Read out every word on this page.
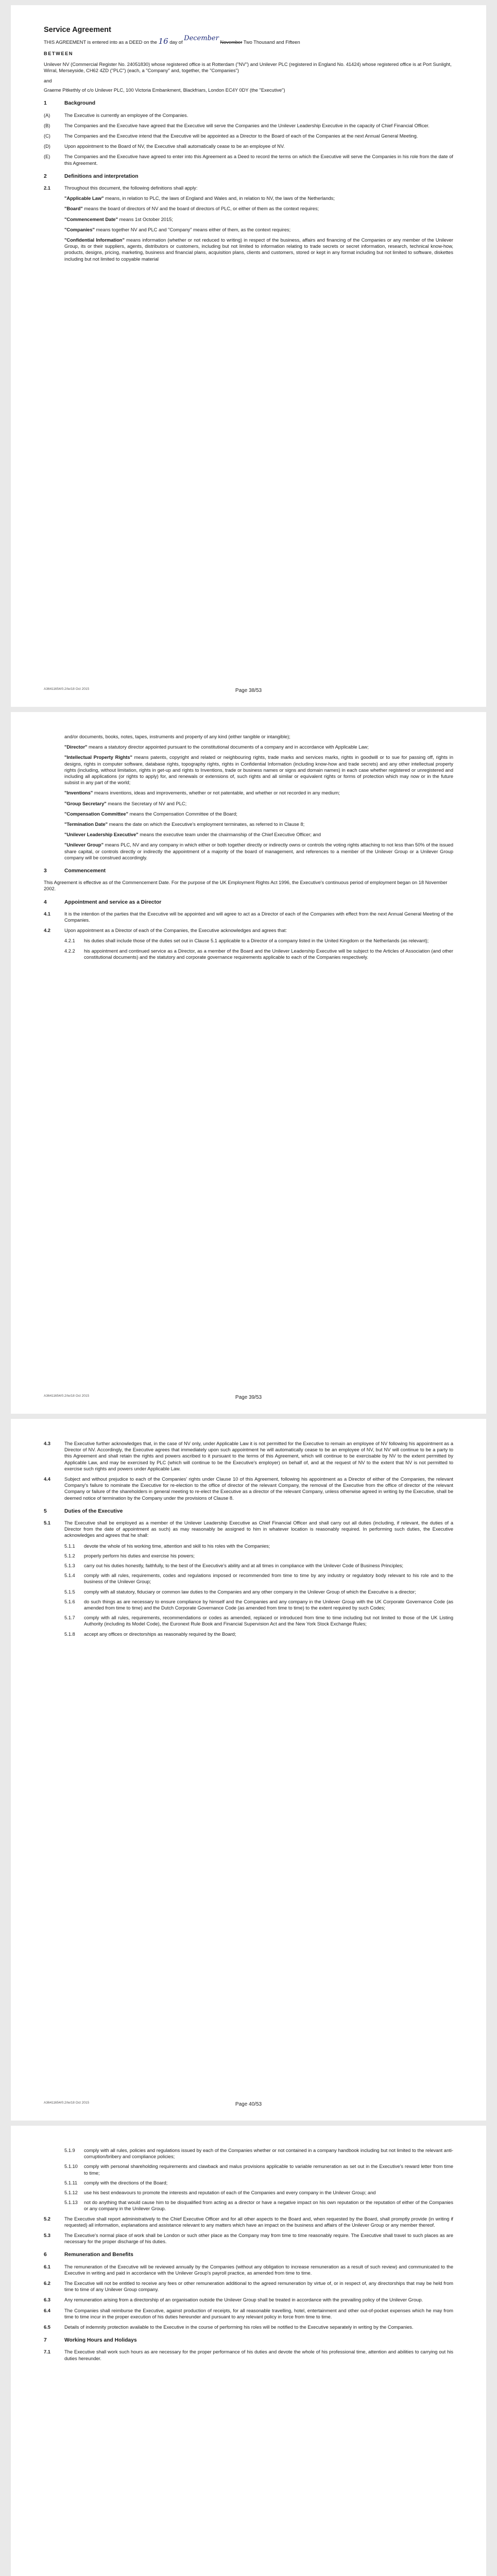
Service Agreement

THIS AGREEMENT is entered into as a DEED on the 16 day of December November Two Thousand and Fifteen

BETWEEN

Unilever NV (Commercial Register No. 24051830) whose registered office is at Rotterdam ("NV") and Unilever PLC (registered in England No. 41424) whose registered office is at Port Sunlight, Wirral, Merseyside, CH62 4ZD ("PLC") (each, a "Company" and, together, the "Companies")

and

Graeme Pitkethly of c/o Unilever PLC, 100 Victoria Embankment, Blackfriars, London EC4Y 0DY (the "Executive")

1	Background
(A)	The Executive is currently an employee of the Companies.
(B)	The Companies and the Executive have agreed that the Executive will serve the Companies and the Unilever Leadership Executive in the capacity of Chief Financial Officer.
(C)	The Companies and the Executive intend that the Executive will be appointed as a Director to the Board of each of the Companies at the next Annual General Meeting.
(D)	Upon appointment to the Board of NV, the Executive shall automatically cease to be an employee of NV.
(E)	The Companies and the Executive have agreed to enter into this Agreement as a Deed to record the terms on which the Executive will serve the Companies in his role from the date of this Agreement.
2	Definitions and interpretation
2.1	Throughout this document, the following definitions shall apply:

"Applicable Law" means, in relation to PLC, the laws of England and Wales and, in relation to NV, the laws of the Netherlands;

"Board" means the board of directors of NV and the board of directors of PLC, or either of them as the context requires;

"Commencement Date" means 1st October 2015;

"Companies" means together NV and PLC and "Company" means either of them, as the context requires;

"Confidential Information" means information (whether or not reduced to writing) in respect of the business, affairs and financing of the Companies or any member of the Unilever Group, its or their suppliers, agents, distributors or customers, including but not limited to information relating to trade secrets or secret information, research, technical know-how, products, designs, pricing, marketing, business and financial plans, acquisition plans, clients and customers, stored or kept in any format including but not limited to software, diskettes including but not limited to copyable material

A36411654/0.2/Ie/18 Oct 2015	Page 38/53

and/or documents, books, notes, tapes, instruments and property of any kind (either tangible or intangible);

"Director" means a statutory director appointed pursuant to the constitutional documents of a company and in accordance with Applicable Law;

"Intellectual Property Rights" means patents, copyright and related or neighbouring rights, trade marks and services marks, rights in goodwill or to sue for passing off, rights in designs, rights in computer software, database rights, topography rights, rights in Confidential Information (including know-how and trade secrets) and any other intellectual property rights (including, without limitation, rights in get-up and rights to Inventions, trade or business names or signs and domain names) in each case whether registered or unregistered and including all applications (or rights to apply) for, and renewals or extensions of, such rights and all similar or equivalent rights or forms of protection which may now or in the future subsist in any part of the world;

"Inventions" means inventions, ideas and improvements, whether or not patentable, and whether or not recorded in any medium;

"Group Secretary" means the Secretary of NV and PLC;

"Compensation Committee" means the Compensation Committee of the Board;

"Termination Date" means the date on which the Executive's employment terminates, as referred to in Clause 8;

"Unilever Leadership Executive" means the executive team under the chairmanship of the Chief Executive Officer; and

"Unilever Group" means PLC, NV and any company in which either or both together directly or indirectly owns or controls the voting rights attaching to not less than 50% of the issued share capital, or controls directly or indirectly the appointment of a majority of the board of management, and references to a member of the Unilever Group or a Unilever Group company will be construed accordingly.

3	Commencement

This Agreement is effective as of the Commencement Date. For the purpose of the UK Employment Rights Act 1996, the Executive's continuous period of employment began on 18 November 2002.

4	Appointment and service as a Director
4.1	It is the intention of the parties that the Executive will be appointed and will agree to act as a Director of each of the Companies with effect from the next Annual General Meeting of the Companies.
4.2	Upon appointment as a Director of each of the Companies, the Executive acknowledges and agrees that:
4.2.1	his duties shall include those of the duties set out in Clause 5.1 applicable to a Director of a company listed in the United Kingdom or the Netherlands (as relevant);
4.2.2	his appointment and continued service as a Director, as a member of the Board and the Unilever Leadership Executive will be subject to the Articles of Association (and other constitutional documents) and the statutory and corporate governance requirements applicable to each of the Companies respectively.
A36411654/0.2/Ie/18 Oct 2015	Page 39/53
4.3	The Executive further acknowledges that, in the case of NV only, under Applicable Law it is not permitted for the Executive to remain an employee of NV following his appointment as a Director of NV. Accordingly, the Executive agrees that immediately upon such appointment he will automatically cease to be an employee of NV, but NV will continue to be a party to this Agreement and shall retain the rights and powers ascribed to it pursuant to the terms of this Agreement, which will continue to be exercisable by NV to the extent permitted by Applicable Law, and may be exercised by PLC (which will continue to be the Executive's employer) on behalf of, and at the request of NV to the extent that NV is not permitted to exercise such rights and powers under Applicable Law.
4.4	Subject and without prejudice to each of the Companies' rights under Clause 10 of this Agreement, following his appointment as a Director of either of the Companies, the relevant Company's failure to nominate the Executive for re-election to the office of director of the relevant Company, the removal of the Executive from the office of director of the relevant Company or failure of the shareholders in general meeting to re-elect the Executive as a director of the relevant Company, unless otherwise agreed in writing by the Executive, shall be deemed notice of termination by the Company under the provisions of Clause 8.
5	Duties of the Executive
5.1	The Executive shall be employed as a member of the Unilever Leadership Executive as Chief Financial Officer and shall carry out all duties (including, if relevant, the duties of a Director from the date of appointment as such) as may reasonably be assigned to him in whatever location is reasonably required. In performing such duties, the Executive acknowledges and agrees that he shall:
5.1.1	devote the whole of his working time, attention and skill to his roles with the Companies;
5.1.2	properly perform his duties and exercise his powers;
5.1.3	carry out his duties honestly, faithfully, to the best of the Executive's ability and at all times in compliance with the Unilever Code of Business Principles;
5.1.4	comply with all rules, requirements, codes and regulations imposed or recommended from time to time by any industry or regulatory body relevant to his role and to the business of the Unilever Group;
5.1.5	comply with all statutory, fiduciary or common law duties to the Companies and any other company in the Unilever Group of which the Executive is a director;
5.1.6	do such things as are necessary to ensure compliance by himself and the Companies and any company in the Unilever Group with the UK Corporate Governance Code (as amended from time to time) and the Dutch Corporate Governance Code (as amended from time to time) to the extent required by such Codes;
5.1.7	comply with all rules, requirements, recommendations or codes as amended, replaced or introduced from time to time including but not limited to those of the UK Listing Authority (including its Model Code), the Euronext Rule Book and Financial Supervision Act and the New York Stock Exchange Rules;
5.1.8	accept any offices or directorships as reasonably required by the Board;
A36411654/0.2/Ie/18 Oct 2015	Page 40/53
5.1.9	comply with all rules, policies and regulations issued by each of the Companies whether or not contained in a company handbook including but not limited to the relevant anti-corruption/bribery and compliance policies;
5.1.10	comply with personal shareholding requirements and clawback and malus provisions applicable to variable remuneration as set out in the Executive's reward letter from time to time;
5.1.11	comply with the directions of the Board;
5.1.12	use his best endeavours to promote the interests and reputation of each of the Companies and every company in the Unilever Group; and
5.1.13	not do anything that would cause him to be disqualified from acting as a director or have a negative impact on his own reputation or the reputation of either of the Companies or any company in the Unilever Group.
5.2	The Executive shall report administratively to the Chief Executive Officer and for all other aspects to the Board and, when requested by the Board, shall promptly provide (in writing if requested) all information, explanations and assistance relevant to any matters which have an impact on the business and affairs of the Unilever Group or any member thereof.
5.3	The Executive's normal place of work shall be London or such other place as the Company may from time to time reasonably require. The Executive shall travel to such places as are necessary for the proper discharge of his duties.
6	Remuneration and Benefits
6.1	The remuneration of the Executive will be reviewed annually by the Companies (without any obligation to increase remuneration as a result of such review) and communicated to the Executive in writing and paid in accordance with the Unilever Group's payroll practice, as amended from time to time.
6.2	The Executive will not be entitled to receive any fees or other remuneration additional to the agreed remuneration by virtue of, or in respect of, any directorships that may be held from time to time of any Unilever Group company.
6.3	Any remuneration arising from a directorship of an organisation outside the Unilever Group shall be treated in accordance with the prevailing policy of the Unilever Group.
6.4	The Companies shall reimburse the Executive, against production of receipts, for all reasonable travelling, hotel, entertainment and other out-of-pocket expenses which he may from time to time incur in the proper execution of his duties hereunder and pursuant to any relevant policy in force from time to time.
6.5	Details of indemnity protection available to the Executive in the course of performing his roles will be notified to the Executive separately in writing by the Companies.
7	Working Hours and Holidays
7.1	The Executive shall work such hours as are necessary for the proper performance of his duties and devote the whole of his professional time, attention and abilities to carrying out his duties hereunder.
